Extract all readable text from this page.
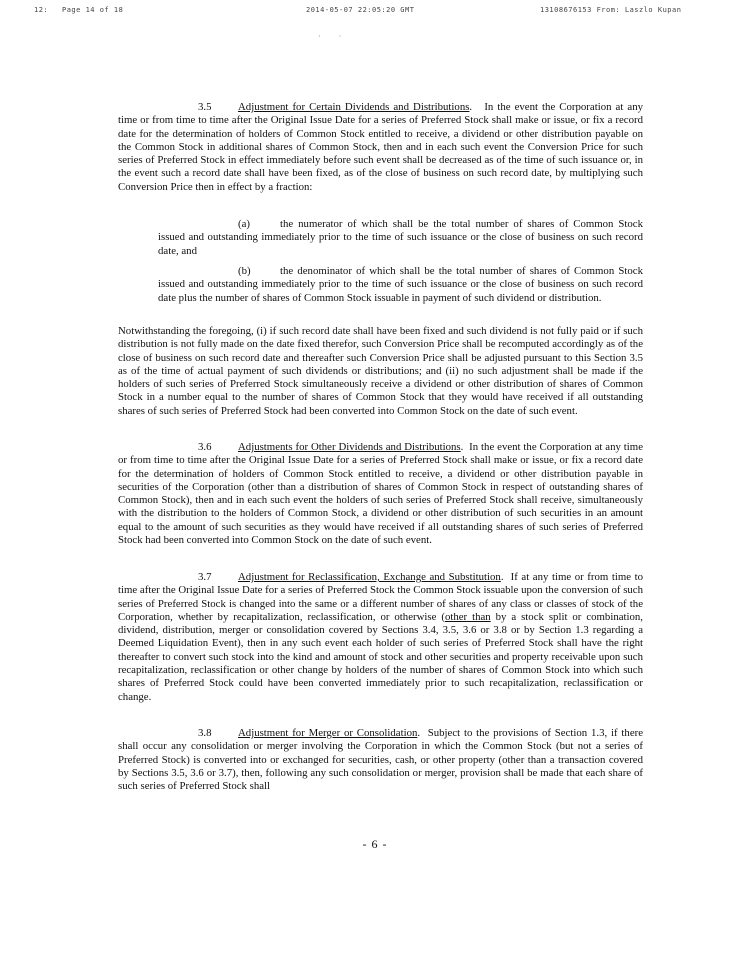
12: Page 14 of 18	2014-05-07 22:05:20 GMT	13108676153 From: Laszlo Kupan
·         ·

3.5 Adjustment for Certain Dividends and Distributions.   In the event the Corporation at any time or from time to time after the Original Issue Date for a series of Preferred Stock shall make or issue, or fix a record date for the determination of holders of Common Stock entitled to receive, a dividend or other distribution payable on the Common Stock in additional shares of Common Stock, then and in each such event the Conversion Price for such series of Preferred Stock in effect immediately before such event shall be decreased as of the time of such issuance or, in the event such a record date shall have been fixed, as of the close of business on such record date, by multiplying such Conversion Price then in effect by a fraction:

(a)	the numerator of which shall be the total number of shares of Common Stock issued and outstanding immediately prior to the time of such issuance or the close of business on such record date, and

(b)	the denominator of which shall be the total number of shares of Common Stock issued and outstanding immediately prior to the time of such issuance or the close of business on such record date plus the number of shares of Common Stock issuable in payment of such dividend or distribution.

Notwithstanding the foregoing, (i) if such record date shall have been fixed and such dividend is not fully paid or if such distribution is not fully made on the date fixed therefor, such Conversion Price shall be recomputed accordingly as of the close of business on such record date and thereafter such Conversion Price shall be adjusted pursuant to this Section 3.5 as of the time of actual payment of such dividends or distributions; and (ii) no such adjustment shall be made if the holders of such series of Preferred Stock simultaneously receive a dividend or other distribution of shares of Common Stock in a number equal to the number of shares of Common Stock that they would have received if all outstanding shares of such series of Preferred Stock had been converted into Common Stock on the date of such event.

3.6 Adjustments for Other Dividends and Distributions.  In the event the Corporation at any time or from time to time after the Original Issue Date for a series of Preferred Stock shall make or issue, or fix a record date for the determination of holders of Common Stock entitled to receive, a dividend or other distribution payable in securities of the Corporation (other than a distribution of shares of Common Stock in respect of outstanding shares of Common Stock), then and in each such event the holders of such series of Preferred Stock shall receive, simultaneously with the distribution to the holders of Common Stock, a dividend or other distribution of such securities in an amount equal to the amount of such securities as they would have received if all outstanding shares of such series of Preferred Stock had been converted into Common Stock on the date of such event.

3.7 Adjustment for Reclassification, Exchange and Substitution.  If at any time or from time to time after the Original Issue Date for a series of Preferred Stock the Common Stock issuable upon the conversion of such series of Preferred Stock is changed into the same or a different number of shares of any class or classes of stock of the Corporation, whether by recapitalization, reclassification, or otherwise (other than by a stock split or combination, dividend, distribution, merger or consolidation covered by Sections 3.4, 3.5, 3.6 or 3.8 or by Section 1.3 regarding a Deemed Liquidation Event), then in any such event each holder of such series of Preferred Stock shall have the right thereafter to convert such stock into the kind and amount of stock and other securities and property receivable upon such recapitalization, reclassification or other change by holders of the number of shares of Common Stock into which such shares of Preferred Stock could have been converted immediately prior to such recapitalization, reclassification or change.

3.8 Adjustment for Merger or Consolidation.  Subject to the provisions of Section 1.3, if there shall occur any consolidation or merger involving the Corporation in which the Common Stock (but not a series of Preferred Stock) is converted into or exchanged for securities, cash, or other property (other than a transaction covered by Sections 3.5, 3.6 or 3.7), then, following any such consolidation or merger, provision shall be made that each share of such series of Preferred Stock shall

- 6 -
